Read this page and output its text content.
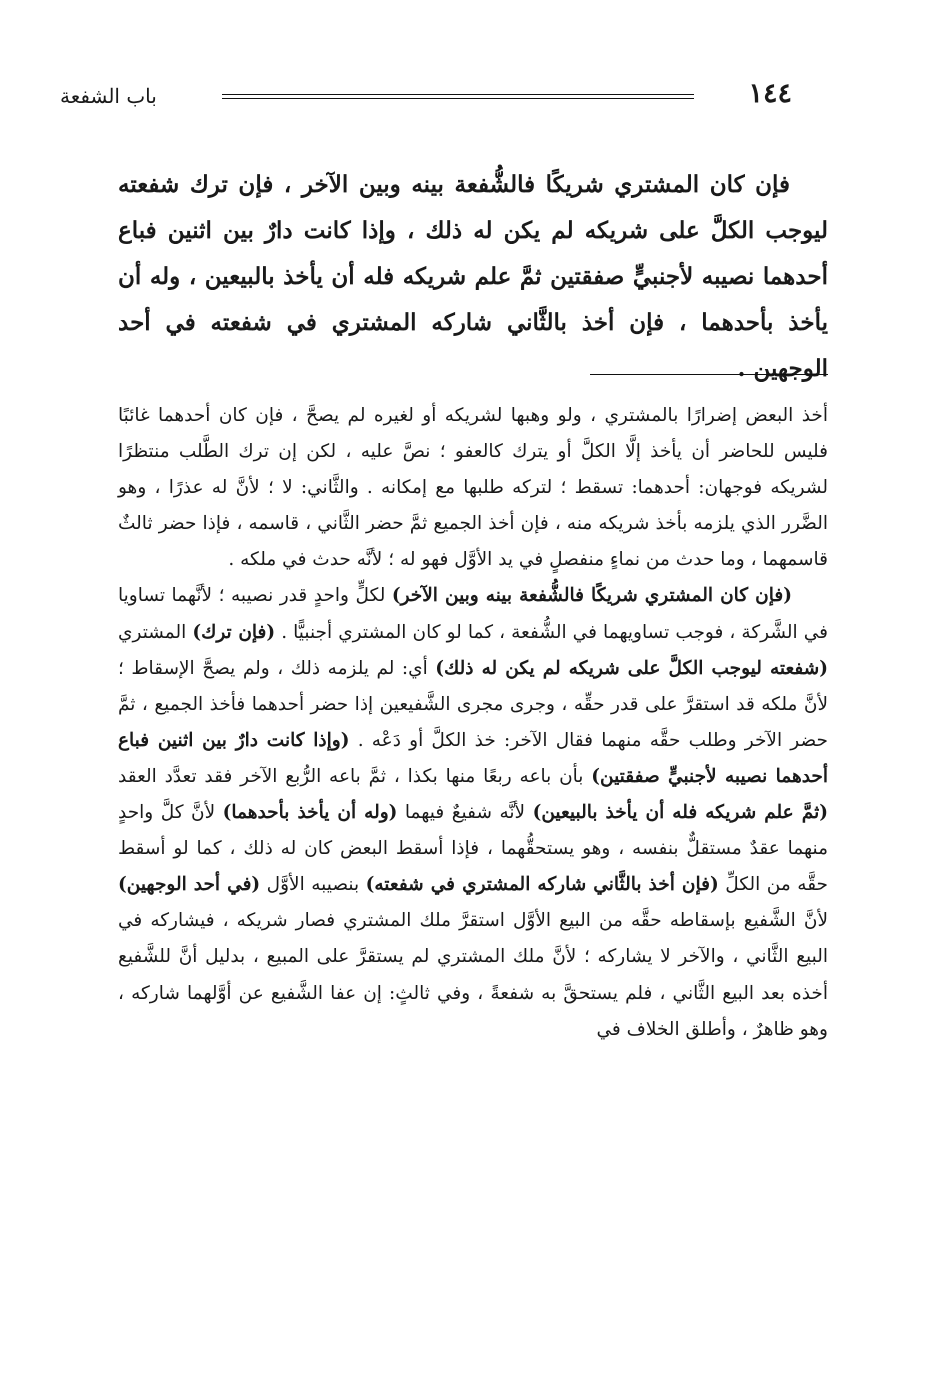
١٤٤
باب الشفعة

فإن كان المشتري شريكًا فالشُّفعة بينه وبين الآخر ، فإن ترك شفعته ليوجب الكلَّ على شريكه لم يكن له ذلك ، وإذا كانت دارٌ بين اثنين فباع أحدهما نصيبه لأجنبيٍّ صفقتين ثمَّ علم شريكه فله أن يأخذ بالبيعين ، وله أن يأخذ بأحدهما ، فإن أخذ بالثَّاني شاركه المشتري في شفعته في أحد الوجهين .

أخذ البعض إضرارًا بالمشتري ، ولو وهبها لشريكه أو لغيره لم يصحَّ ، فإن كان أحدهما غائبًا فليس للحاضر أن يأخذ إلَّا الكلَّ أو يترك كالعفو ؛ نصَّ عليه ، لكن إن ترك الطَّلب منتظرًا لشريكه فوجهان: أحدهما: تسقط ؛ لتركه طلبها مع إمكانه . والثَّاني: لا ؛ لأنَّ له عذرًا ، وهو الضَّرر الذي يلزمه بأخذ شريكه منه ، فإن أخذ الجميع ثمَّ حضر الثَّاني ، قاسمه ، فإذا حضر ثالثٌ قاسمهما ، وما حدث من نماءٍ منفصلٍ في يد الأوَّل فهو له ؛ لأنَّه حدث في ملكه .

(فإن كان المشتري شريكًا فالشُّفعة بينه وبين الآخر) لكلٍّ واحدٍ قدر نصيبه ؛ لأنَّهما تساويا في الشَّركة ، فوجب تساويهما في الشُّفعة ، كما لو كان المشتري أجنبيًّا . (فإن ترك) المشتري (شفعته ليوجب الكلَّ على شريكه لم يكن له ذلك) أي: لم يلزمه ذلك ، ولم يصحَّ الإسقاط ؛ لأنَّ ملكه قد استقرَّ على قدر حقِّه ، وجرى مجرى الشَّفيعين إذا حضر أحدهما فأخذ الجميع ، ثمَّ حضر الآخر وطلب حقَّه منهما فقال الآخر: خذ الكلَّ أو دَعْه . (وإذا كانت دارٌ بين اثنين فباع أحدهما نصيبه لأجنبيٍّ صفقتين) بأن باعه ربعًا منها بكذا ، ثمَّ باعه الرُّبع الآخر فقد تعدَّد العقد (ثمَّ علم شريكه فله أن يأخذ بالبيعين) لأنَّه شفيعٌ فيهما (وله أن يأخذ بأحدهما) لأنَّ كلَّ واحدٍ منهما عقدٌ مستقلٌّ بنفسه ، وهو يستحقُّهما ، فإذا أسقط البعض كان له ذلك ، كما لو أسقط حقَّه من الكلِّ (فإن أخذ بالثَّاني شاركه المشتري في شفعته) بنصيبه الأوَّل (في أحد الوجهين) لأنَّ الشَّفيع بإسقاطه حقَّه من البيع الأوَّل استقرَّ ملك المشتري فصار شريكه ، فيشاركه في البيع الثَّاني ، والآخر لا يشاركه ؛ لأنَّ ملك المشتري لم يستقرَّ على المبيع ، بدليل أنَّ للشَّفيع أخذه بعد البيع الثَّاني ، فلم يستحقَّ به شفعةً ، وفي ثالثٍ: إن عفا الشَّفيع عن أوَّلهما شاركه ، وهو ظاهرٌ ، وأطلق الخلاف في
